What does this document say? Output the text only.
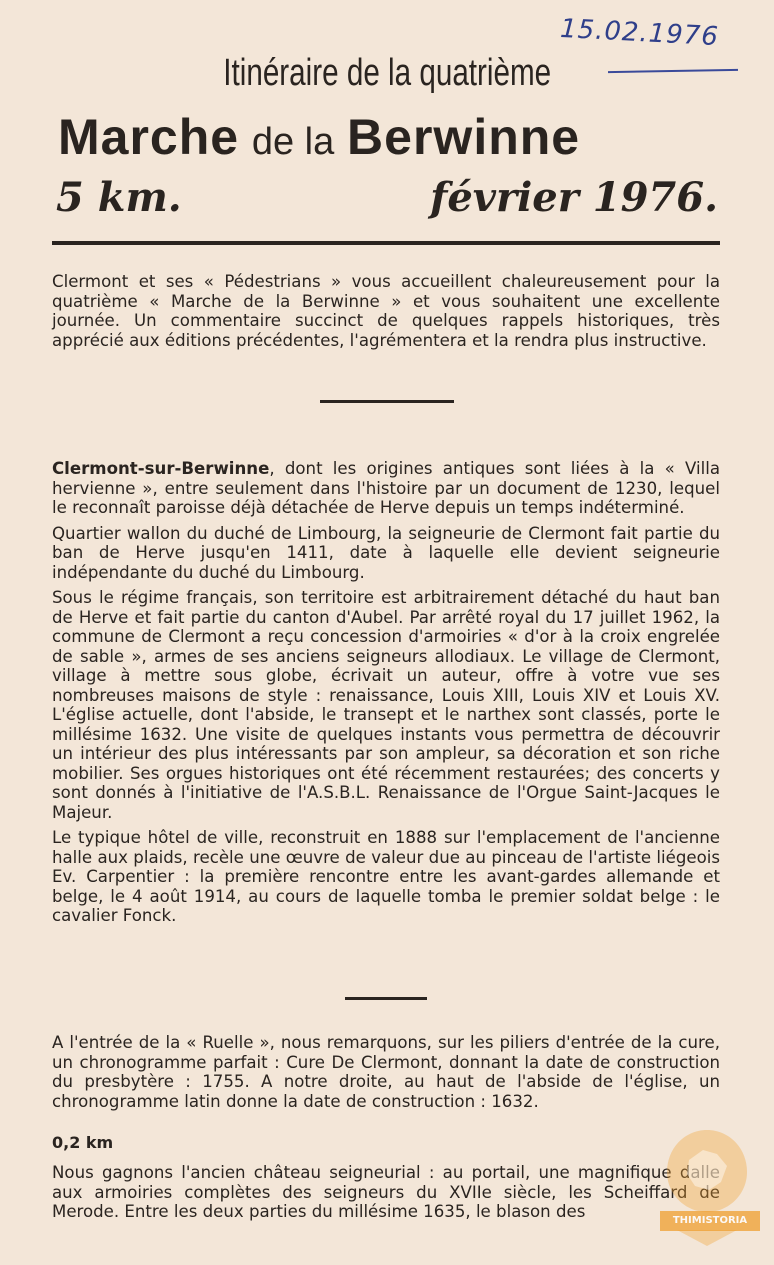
15.02.1976
Itinéraire de la quatrième
Marche de la Berwinne
5 km.	février 1976.

Clermont et ses « Pédestrians » vous accueillent chaleureusement pour la quatrième « Marche de la Berwinne » et vous souhaitent une excellente journée. Un commentaire succinct de quelques rappels historiques, très apprécié aux éditions précédentes, l'agrémentera et la rendra plus instructive.

Clermont-sur-Berwinne, dont les origines antiques sont liées à la « Villa hervienne », entre seulement dans l'histoire par un document de 1230, lequel le reconnaît paroisse déjà détachée de Herve depuis un temps indéterminé.

Quartier wallon du duché de Limbourg, la seigneurie de Clermont fait partie du ban de Herve jusqu'en 1411, date à laquelle elle devient seigneurie indépendante du duché du Limbourg.

Sous le régime français, son territoire est arbitrairement détaché du haut ban de Herve et fait partie du canton d'Aubel. Par arrêté royal du 17 juillet 1962, la commune de Clermont a reçu concession d'armoiries « d'or à la croix engrelée de sable », armes de ses anciens seigneurs allodiaux. Le village de Clermont, village à mettre sous globe, écrivait un auteur, offre à votre vue ses nombreuses maisons de style : renaissance, Louis XIII, Louis XIV et Louis XV. L'église actuelle, dont l'abside, le transept et le narthex sont classés, porte le millésime 1632. Une visite de quelques instants vous permettra de découvrir un intérieur des plus intéressants par son ampleur, sa décoration et son riche mobilier. Ses orgues historiques ont été récemment restaurées; des concerts y sont donnés à l'initiative de l'A.S.B.L. Renaissance de l'Orgue Saint-Jacques le Majeur.

Le typique hôtel de ville, reconstruit en 1888 sur l'emplacement de l'ancienne halle aux plaids, recèle une œuvre de valeur due au pinceau de l'artiste liégeois Ev. Carpentier : la première rencontre entre les avant-gardes allemande et belge, le 4 août 1914, au cours de laquelle tomba le premier soldat belge : le cavalier Fonck.

A l'entrée de la « Ruelle », nous remarquons, sur les piliers d'entrée de la cure, un chronogramme parfait : Cure De Clermont, donnant la date de construction du presbytère : 1755. A notre droite, au haut de l'abside de l'église, un chronogramme latin donne la date de construction : 1632.

0,2 km

Nous gagnons l'ancien château seigneurial : au portail, une magnifique dalle aux armoiries complètes des seigneurs du XVIIe siècle, les Scheiffard de Merode. Entre les deux parties du millésime 1635, le blason des	THIMISTORIA
